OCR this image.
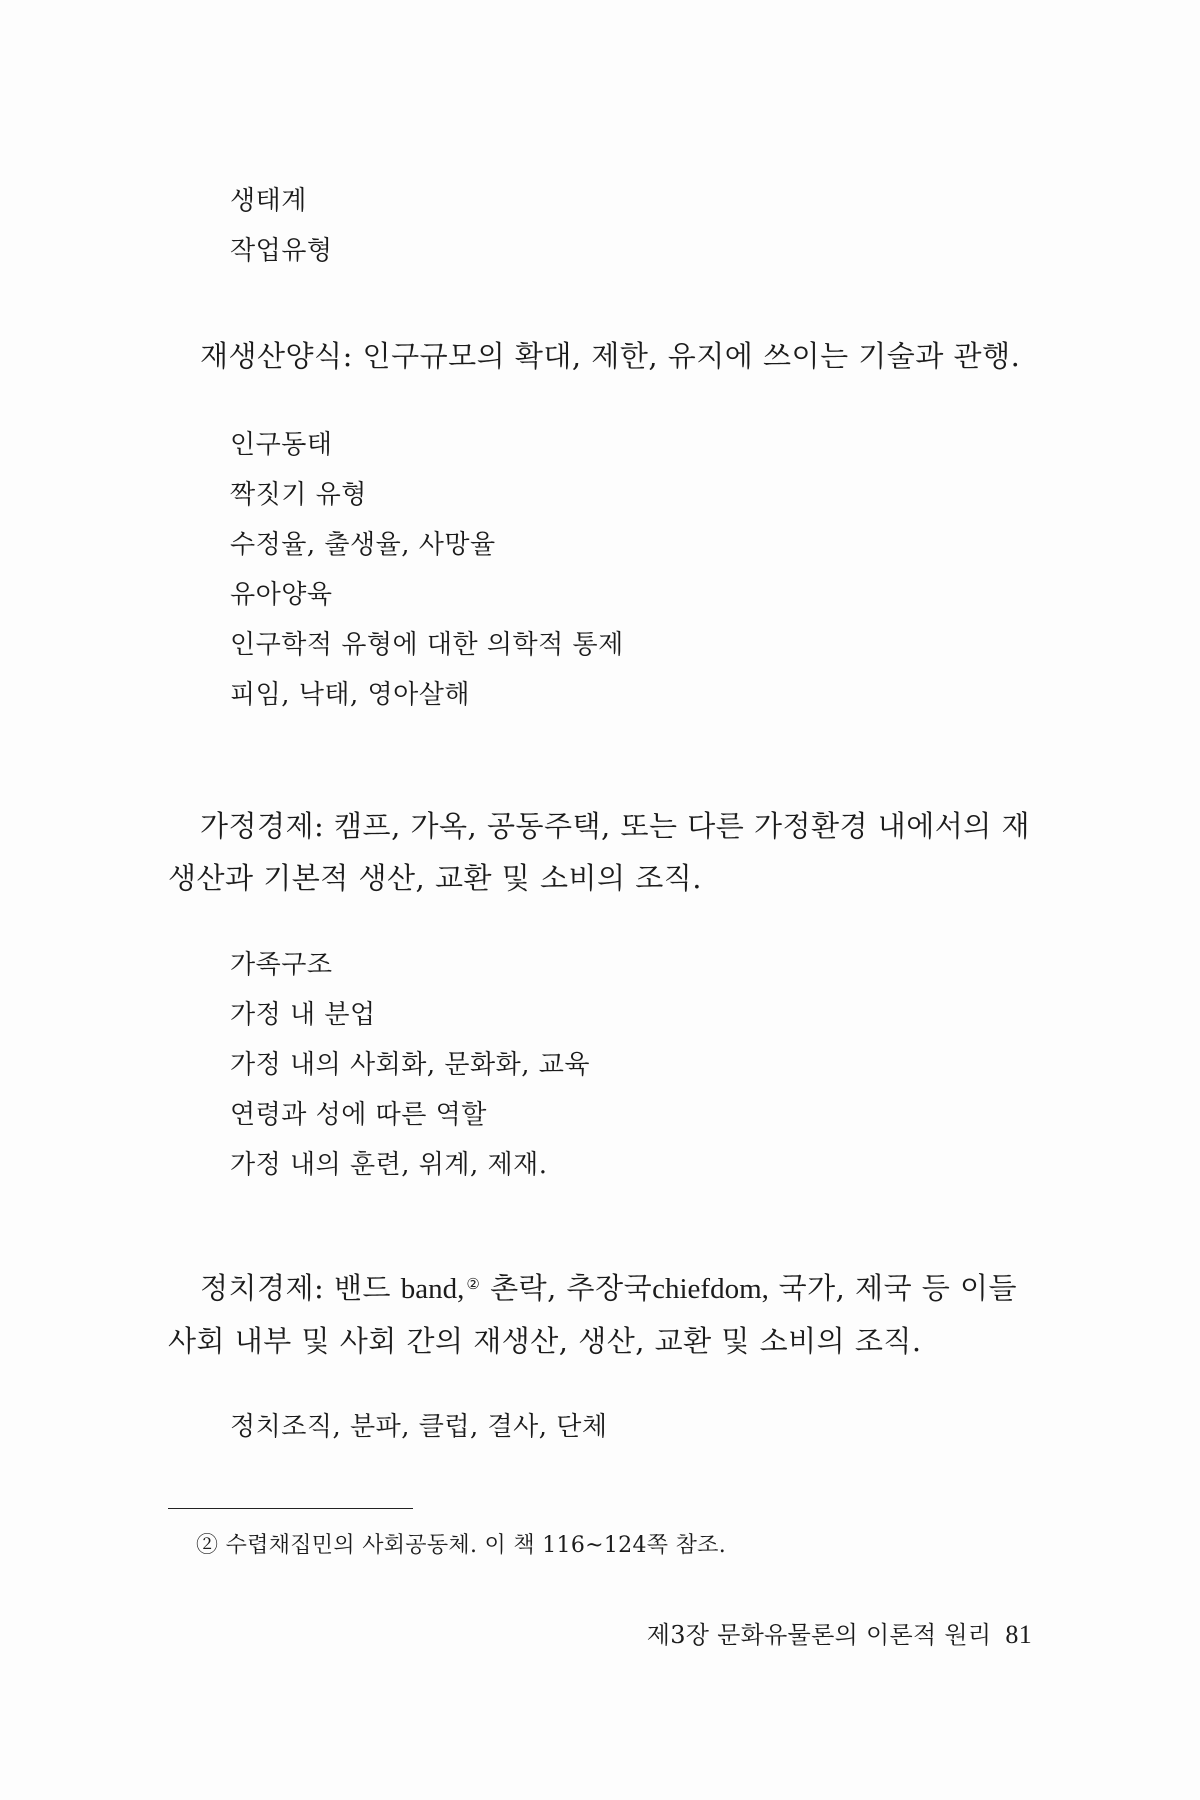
생태계
작업유형

재생산양식: 인구규모의 확대, 제한, 유지에 쓰이는 기술과 관행.

인구동태
짝짓기 유형
수정율, 출생율, 사망율
유아양육
인구학적 유형에 대한 의학적 통제
피임, 낙태, 영아살해
가정경제: 캠프, 가옥, 공동주택, 또는 다른 가정환경 내에서의 재
생산과 기본적 생산, 교환 및 소비의 조직.
가족구조
가정 내 분업
가정 내의 사회화, 문화화, 교육
연령과 성에 따른 역할
가정 내의 훈련, 위계, 제재.
정치경제: 밴드 band, ② 촌락, 추장국chiefdom, 국가, 제국 등 이들
사회 내부 및 사회 간의 재생산, 생산, 교환 및 소비의 조직.
정치조직, 분파, 클럽, 결사, 단체
② 수렵채집민의 사회공동체. 이 책 116~124쪽 참조.
제3장 문화유물론의 이론적 원리 81
